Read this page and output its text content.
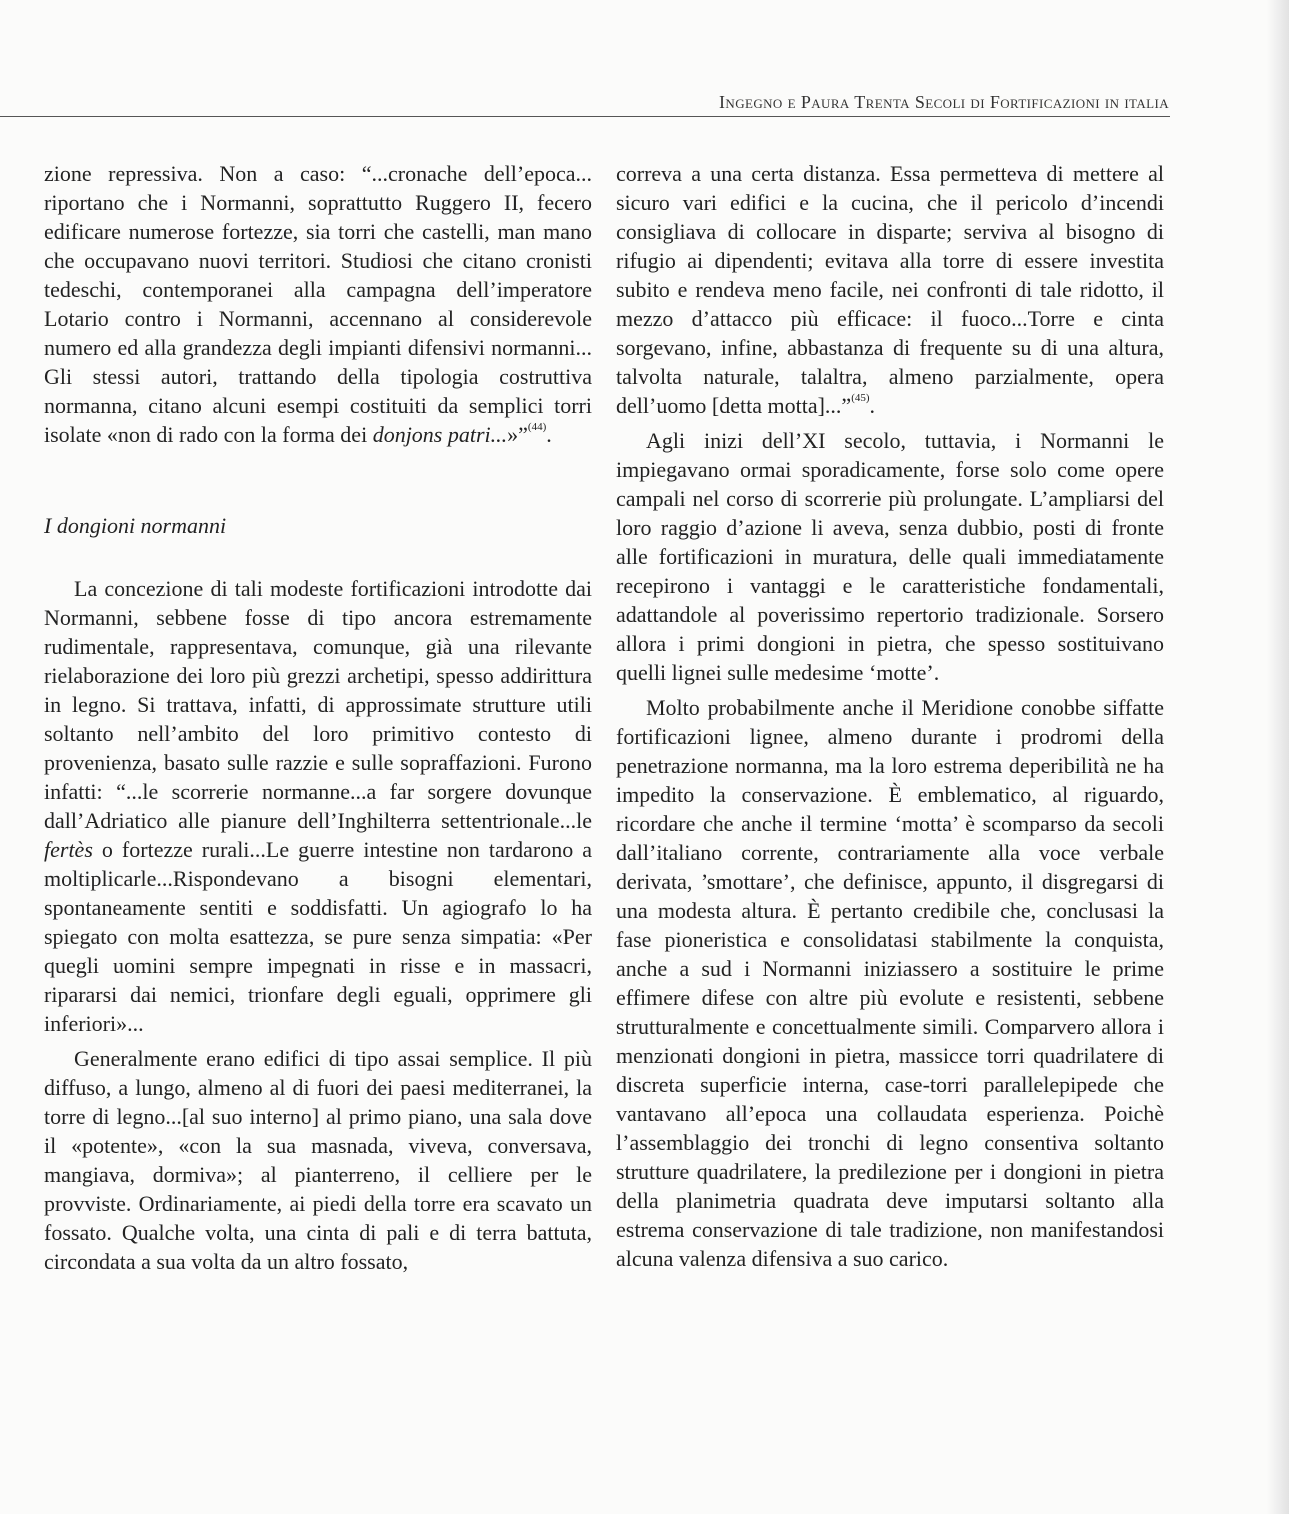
Ingegno e Paura Trenta Secoli di Fortificazioni in italia

zione repressiva. Non a caso: “...cronache dell’epoca... riportano che i Normanni, soprattutto Ruggero II, fecero edificare numerose fortezze, sia torri che castelli, man mano che occupavano nuovi territori. Studiosi che citano cronisti tedeschi, contemporanei alla campagna dell’imperatore Lotario contro i Normanni, accennano al considerevole numero ed alla grandezza degli impianti difensivi normanni... Gli stessi autori, trattando della tipologia costruttiva normanna, citano alcuni esempi costituiti da semplici torri isolate «non di rado con la forma dei donjons patri...»”$^{(44)}$.

I dongioni normanni

La concezione di tali modeste fortificazioni introdotte dai Normanni, sebbene fosse di tipo ancora estremamente rudimentale, rappresentava, comunque, già una rilevante rielaborazione dei loro più grezzi archetipi, spesso addirittura in legno. Si trattava, infatti, di approssimate strutture utili soltanto nell’ambito del loro primitivo contesto di provenienza, basato sulle razzie e sulle sopraffazioni. Furono infatti: “...le scorrerie normanne...a far sorgere dovunque dall’Adriatico alle pianure dell’Inghilterra settentrionale...le fertès o fortezze rurali...Le guerre intestine non tardarono a moltiplicarle...Rispondevano a bisogni elementari, spontaneamente sentiti e soddisfatti. Un agiografo lo ha spiegato con molta esattezza, se pure senza simpatia: «Per quegli uomini sempre impegnati in risse e in massacri, ripararsi dai nemici, trionfare degli eguali, opprimere gli inferiori»...

Generalmente erano edifici di tipo assai semplice. Il più diffuso, a lungo, almeno al di fuori dei paesi mediterranei, la torre di legno...[al suo interno] al primo piano, una sala dove il «potente», «con la sua masnada, viveva, conversava, mangiava, dormiva»; al pianterreno, il celliere per le provviste. Ordinariamente, ai piedi della torre era scavato un fossato. Qualche volta, una cinta di pali e di terra battuta, circondata a sua volta da un altro fossato,

correva a una certa distanza. Essa permetteva di mettere al sicuro vari edifici e la cucina, che il pericolo d’incendi consigliava di collocare in disparte; serviva al bisogno di rifugio ai dipendenti; evitava alla torre di essere investita subito e rendeva meno facile, nei confronti di tale ridotto, il mezzo d’attacco più efficace: il fuoco...Torre e cinta sorgevano, infine, abbastanza di frequente su di una altura, talvolta naturale, talaltra, almeno parzialmente, opera dell’uomo [detta motta]...”$^{(45)}$.

Agli inizi dell’XI secolo, tuttavia, i Normanni le impiegavano ormai sporadicamente, forse solo come opere campali nel corso di scorrerie più prolungate. L’ampliarsi del loro raggio d’azione li aveva, senza dubbio, posti di fronte alle fortificazioni in muratura, delle quali immediatamente recepirono i vantaggi e le caratteristiche fondamentali, adattandole al poverissimo repertorio tradizionale. Sorsero allora i primi dongioni in pietra, che spesso sostituivano quelli lignei sulle medesime ‘motte’.

Molto probabilmente anche il Meridione conobbe siffatte fortificazioni lignee, almeno durante i prodromi della penetrazione normanna, ma la loro estrema deperibilità ne ha impedito la conservazione. È emblematico, al riguardo, ricordare che anche il termine ‘motta’ è scomparso da secoli dall’italiano corrente, contrariamente alla voce verbale derivata, ’smottare’, che definisce, appunto, il disgregarsi di una modesta altura. È pertanto credibile che, conclusasi la fase pioneristica e consolidatasi stabilmente la conquista, anche a sud i Normanni iniziassero a sostituire le prime effimere difese con altre più evolute e resistenti, sebbene strutturalmente e concettualmente simili. Comparvero allora i menzionati dongioni in pietra, massicce torri quadrilatere di discreta superficie interna, case-torri parallelepipede che vantavano all’epoca una collaudata esperienza. Poichè l’assemblaggio dei tronchi di legno consentiva soltanto strutture quadrilatere, la predilezione per i dongioni in pietra della planimetria quadrata deve imputarsi soltanto alla estrema conservazione di tale tradizione, non manifestandosi alcuna valenza difensiva a suo carico.
